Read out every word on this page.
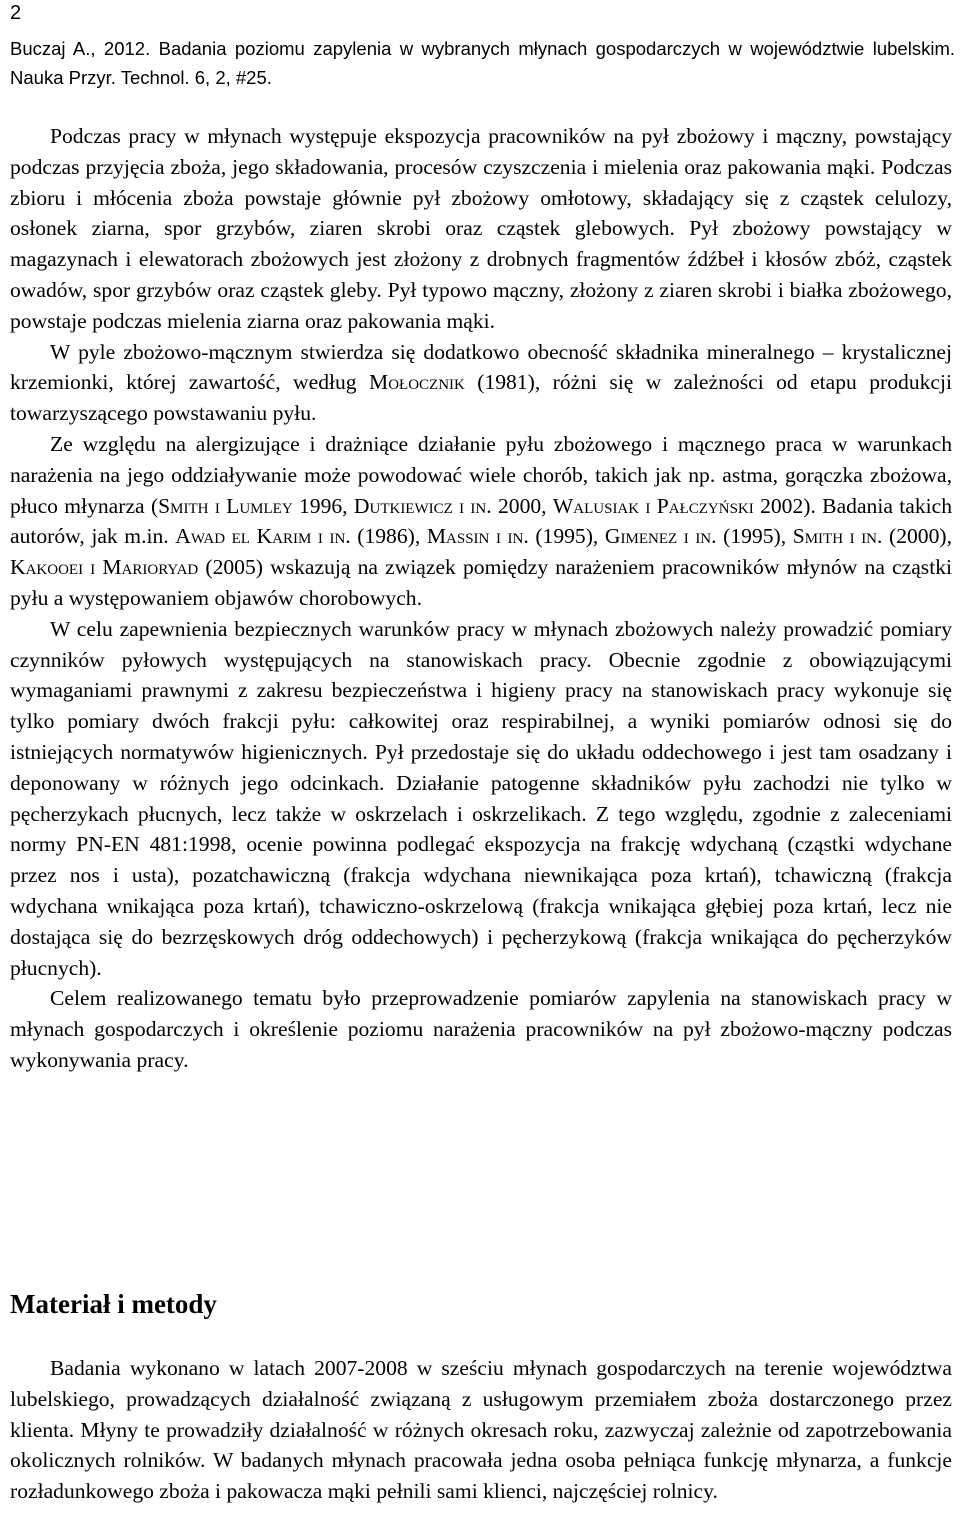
2
Buczaj A., 2012. Badania poziomu zapylenia w wybranych młynach gospodarczych w województwie lubelskim. Nauka Przyr. Technol. 6, 2, #25.

Podczas pracy w młynach występuje ekspozycja pracowników na pył zbożowy i mączny, powstający podczas przyjęcia zboża, jego składowania, procesów czyszczenia i mielenia oraz pakowania mąki. Podczas zbioru i młócenia zboża powstaje głównie pył zbożowy omłotowy, składający się z cząstek celulozy, osłonek ziarna, spor grzybów, ziaren skrobi oraz cząstek glebowych. Pył zbożowy powstający w magazynach i elewatorach zbożowych jest złożony z drobnych fragmentów źdźbeł i kłosów zbóż, cząstek owadów, spor grzybów oraz cząstek gleby. Pył typowo mączny, złożony z ziaren skrobi i białka zbożowego, powstaje podczas mielenia ziarna oraz pakowania mąki.

W pyle zbożowo-mącznym stwierdza się dodatkowo obecność składnika mineralnego – krystalicznej krzemionki, której zawartość, według Mołocznik (1981), różni się w zależności od etapu produkcji towarzyszącego powstawaniu pyłu.

Ze względu na alergizujące i drażniące działanie pyłu zbożowego i mącznego praca w warunkach narażenia na jego oddziaływanie może powodować wiele chorób, takich jak np. astma, gorączka zbożowa, płuco młynarza (Smith i Lumley 1996, Dutkiewicz i in. 2000, Walusiak i Pałczyński 2002). Badania takich autorów, jak m.in. Awad el Karim i in. (1986), Massin i in. (1995), Gimenez i in. (1995), Smith i in. (2000), Kakooei i Marioryad (2005) wskazują na związek pomiędzy narażeniem pracowników młynów na cząstki pyłu a występowaniem objawów chorobowych.

W celu zapewnienia bezpiecznych warunków pracy w młynach zbożowych należy prowadzić pomiary czynników pyłowych występujących na stanowiskach pracy. Obecnie zgodnie z obowiązującymi wymaganiami prawnymi z zakresu bezpieczeństwa i higieny pracy na stanowiskach pracy wykonuje się tylko pomiary dwóch frakcji pyłu: całkowitej oraz respirabilnej, a wyniki pomiarów odnosi się do istniejących normatywów higienicznych. Pył przedostaje się do układu oddechowego i jest tam osadzany i deponowany w różnych jego odcinkach. Działanie patogenne składników pyłu zachodzi nie tylko w pęcherzykach płucnych, lecz także w oskrzelach i oskrzelikach. Z tego względu, zgodnie z zaleceniami normy PN-EN 481:1998, ocenie powinna podlegać ekspozycja na frakcję wdychaną (cząstki wdychane przez nos i usta), pozatchawiczną (frakcja wdychana niewnikająca poza krtań), tchawiczną (frakcja wdychana wnikająca poza krtań), tchawiczno-oskrzelową (frakcja wnikająca głębiej poza krtań, lecz nie dostająca się do bezrzęskowych dróg oddechowych) i pęcherzykową (frakcja wnikająca do pęcherzyków płucnych).

Celem realizowanego tematu było przeprowadzenie pomiarów zapylenia na stanowiskach pracy w młynach gospodarczych i określenie poziomu narażenia pracowników na pył zbożowo-mączny podczas wykonywania pracy.

Materiał i metody

Badania wykonano w latach 2007-2008 w sześciu młynach gospodarczych na terenie województwa lubelskiego, prowadzących działalność związaną z usługowym przemiałem zboża dostarczonego przez klienta. Młyny te prowadziły działalność w różnych okresach roku, zazwyczaj zależnie od zapotrzebowania okolicznych rolników. W badanych młynach pracowała jedna osoba pełniąca funkcję młynarza, a funkcje rozładunkowego zboża i pakowacza mąki pełnili sami klienci, najczęściej rolnicy.
